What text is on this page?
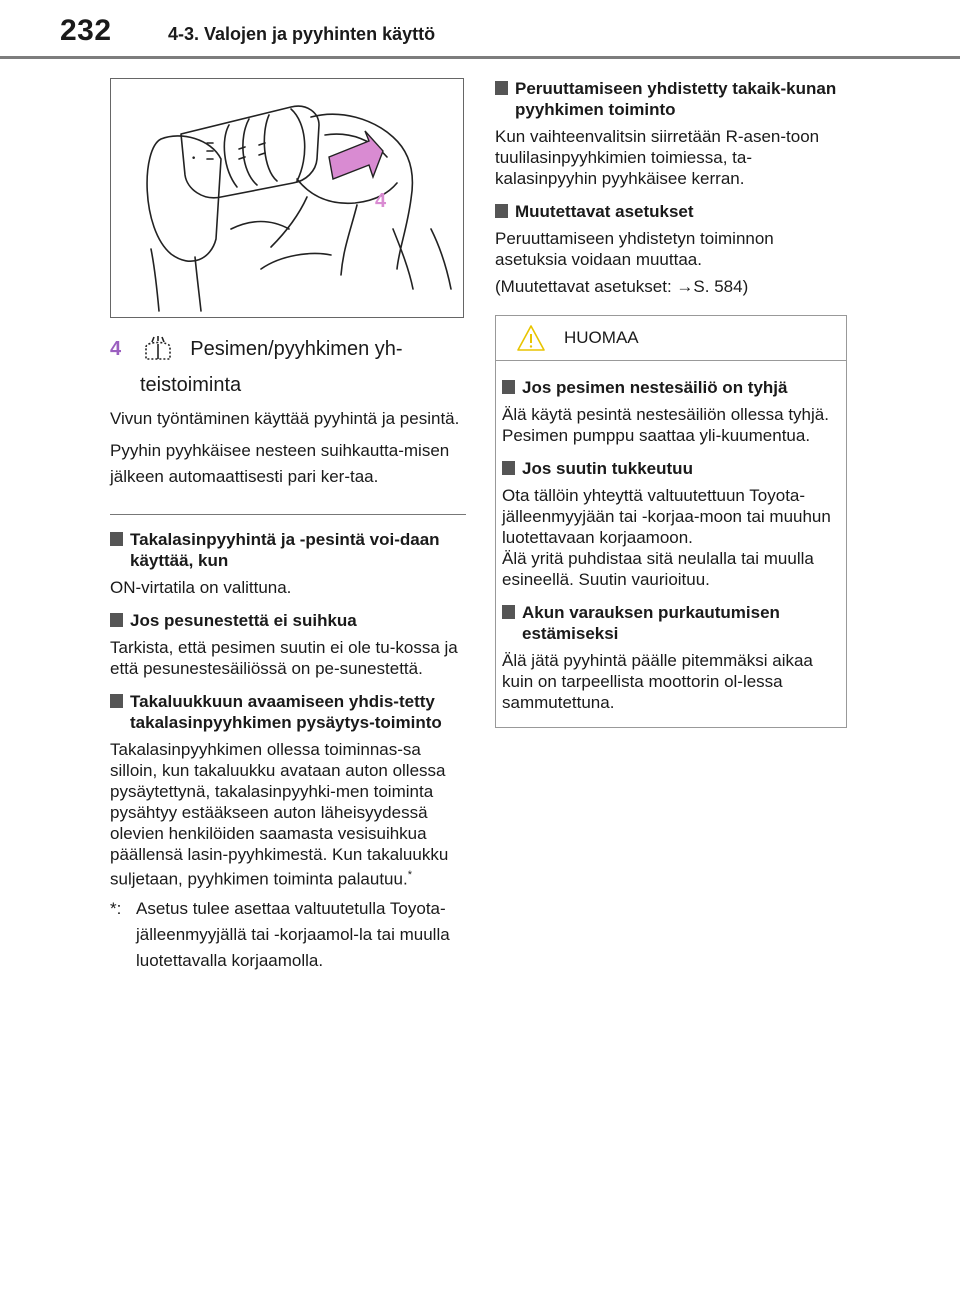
232	4-3. Valojen ja pyyhinten käyttö
•
4
4	Pesimen/pyyhkimen yh-
teistoiminta

Vivun työntäminen käyttää pyyhintä ja pesintä.

Pyyhin pyyhkäisee nesteen suihkautta-misen jälkeen automaattisesti pari ker-taa.

Takalasinpyyhintä ja -pesintä voi-daan käyttää, kun

ON-virtatila on valittuna.

Jos pesunestettä ei suihkua

Tarkista, että pesimen suutin ei ole tu-kossa ja että pesunestesäiliössä on pe-sunestettä.

Takaluukkuun avaamiseen yhdis-tetty takalasinpyyhkimen pysäytys-toiminto

Takalasinpyyhkimen ollessa toiminnas-sa silloin, kun takaluukku avataan auton ollessa pysäytettynä, takalasinpyyhki-men toiminta pysähtyy estääkseen auton läheisyydessä olevien henkilöiden saamasta vesisuihkua päällensä lasin-pyyhkimestä. Kun takaluukku suljetaan, pyyhkimen toiminta palautuu.*

*: Asetus tulee asettaa valtuutetulla Toyota-jälleenmyyjällä tai -korjaamol-la tai muulla luotettavalla korjaamolla.
Peruuttamiseen yhdistetty takaik-kunan pyyhkimen toiminto

Kun vaihteenvalitsin siirretään R-asen-toon tuulilasinpyyhkimien toimiessa, ta-kalasinpyyhin pyyhkäisee kerran.

Muutettavat asetukset

Peruuttamiseen yhdistetyn toiminnon asetuksia voidaan muuttaa.

(Muutettavat asetukset: →S. 584)

HUOMAA
Jos pesimen nestesäiliö on tyhjä

Älä käytä pesintä nestesäiliön ollessa tyhjä. Pesimen pumppu saattaa yli-kuumentua.

Jos suutin tukkeutuu

Ota tällöin yhteyttä valtuutettuun Toyota-jälleenmyyjään tai -korjaa-moon tai muuhun luotettavaan korjaamoon.

Älä yritä puhdistaa sitä neulalla tai muulla esineellä. Suutin vaurioituu.

Akun varauksen purkautumisen estämiseksi

Älä jätä pyyhintä päälle pitemmäksi aikaa kuin on tarpeellista moottorin ol-lessa sammutettuna.
